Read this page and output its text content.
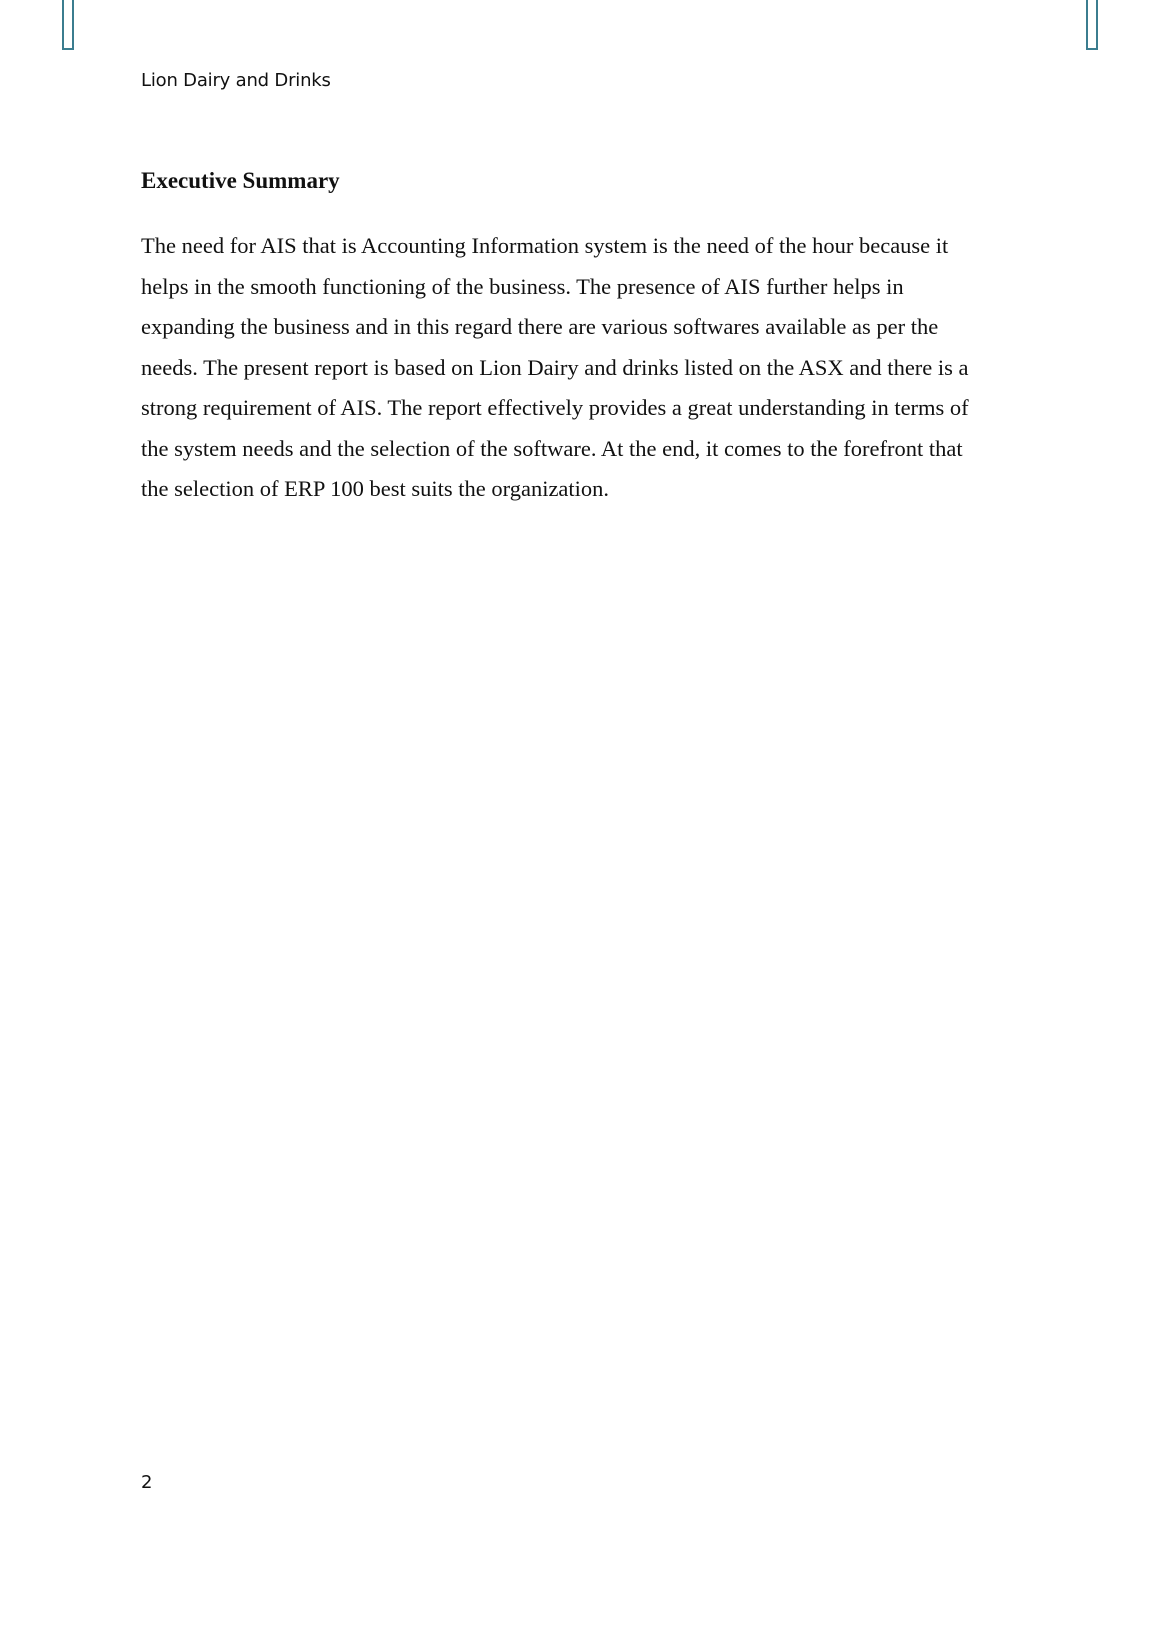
Lion Dairy and Drinks
Executive Summary

The need for AIS that is Accounting Information system is the need of the hour because it
helps in the smooth functioning of the business. The presence of AIS further helps in
expanding the business and in this regard there are various softwares available as per the
needs. The present report is based on Lion Dairy and drinks listed on the ASX and there is a
strong requirement of AIS. The report effectively provides a great understanding in terms of
the system needs and the selection of the software. At the end, it comes to the forefront that
the selection of ERP 100 best suits the organization.

2
